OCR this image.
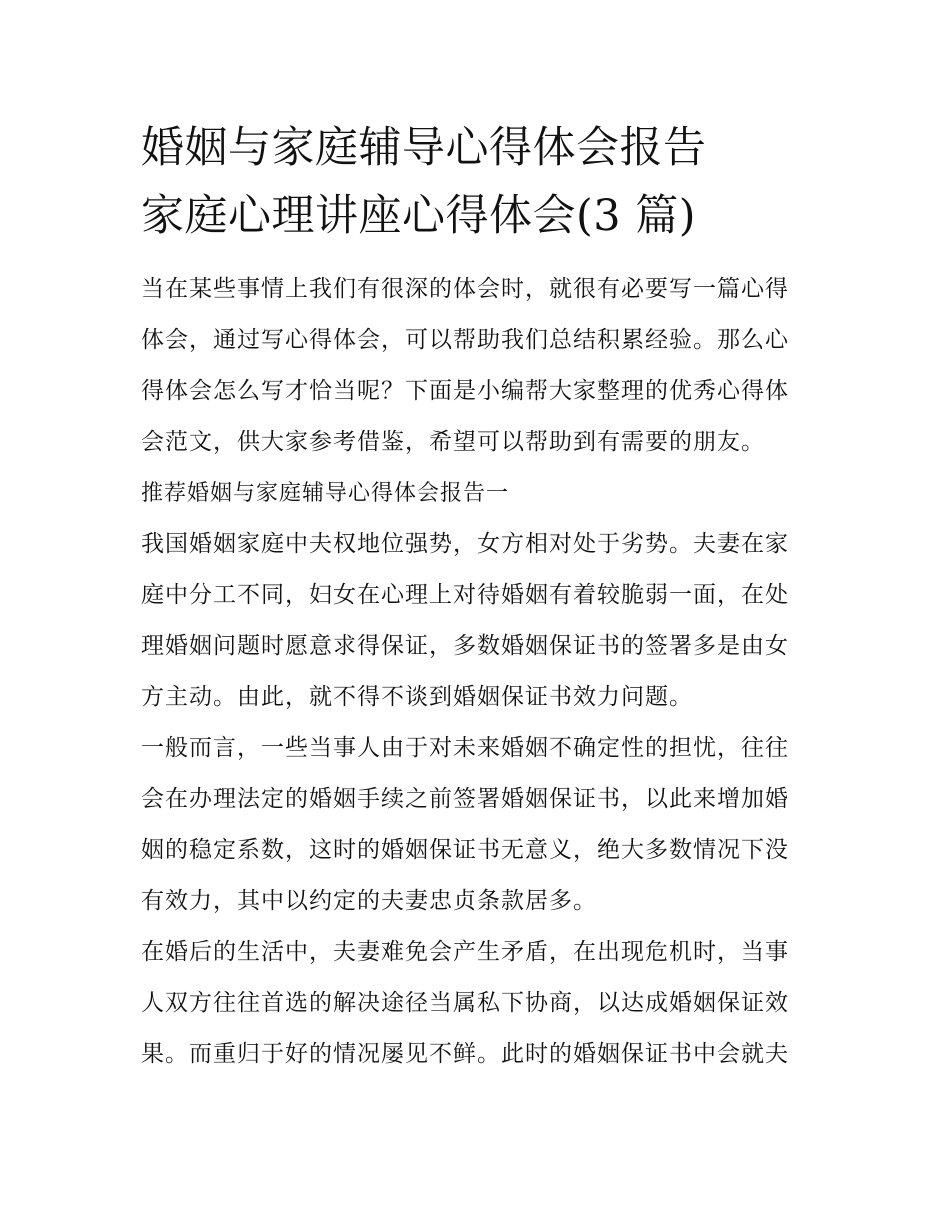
婚姻与家庭辅导心得体会报告
家庭心理讲座心得体会(3 篇)
当在某些事情上我们有很深的体会时，就很有必要写一篇心得
体会，通过写心得体会，可以帮助我们总结积累经验。那么心
得体会怎么写才恰当呢？下面是小编帮大家整理的优秀心得体
会范文，供大家参考借鉴，希望可以帮助到有需要的朋友。
推荐婚姻与家庭辅导心得体会报告一
我国婚姻家庭中夫权地位强势，女方相对处于劣势。夫妻在家
庭中分工不同，妇女在心理上对待婚姻有着较脆弱一面，在处
理婚姻问题时愿意求得保证，多数婚姻保证书的签署多是由女
方主动。由此，就不得不谈到婚姻保证书效力问题。
一般而言，一些当事人由于对未来婚姻不确定性的担忧，往往
会在办理法定的婚姻手续之前签署婚姻保证书，以此来增加婚
姻的稳定系数，这时的婚姻保证书无意义，绝大多数情况下没
有效力，其中以约定的夫妻忠贞条款居多。
在婚后的生活中，夫妻难免会产生矛盾，在出现危机时，当事
人双方往往首选的解决途径当属私下协商，以达成婚姻保证效
果。而重归于好的情况屡见不鲜。此时的婚姻保证书中会就夫
